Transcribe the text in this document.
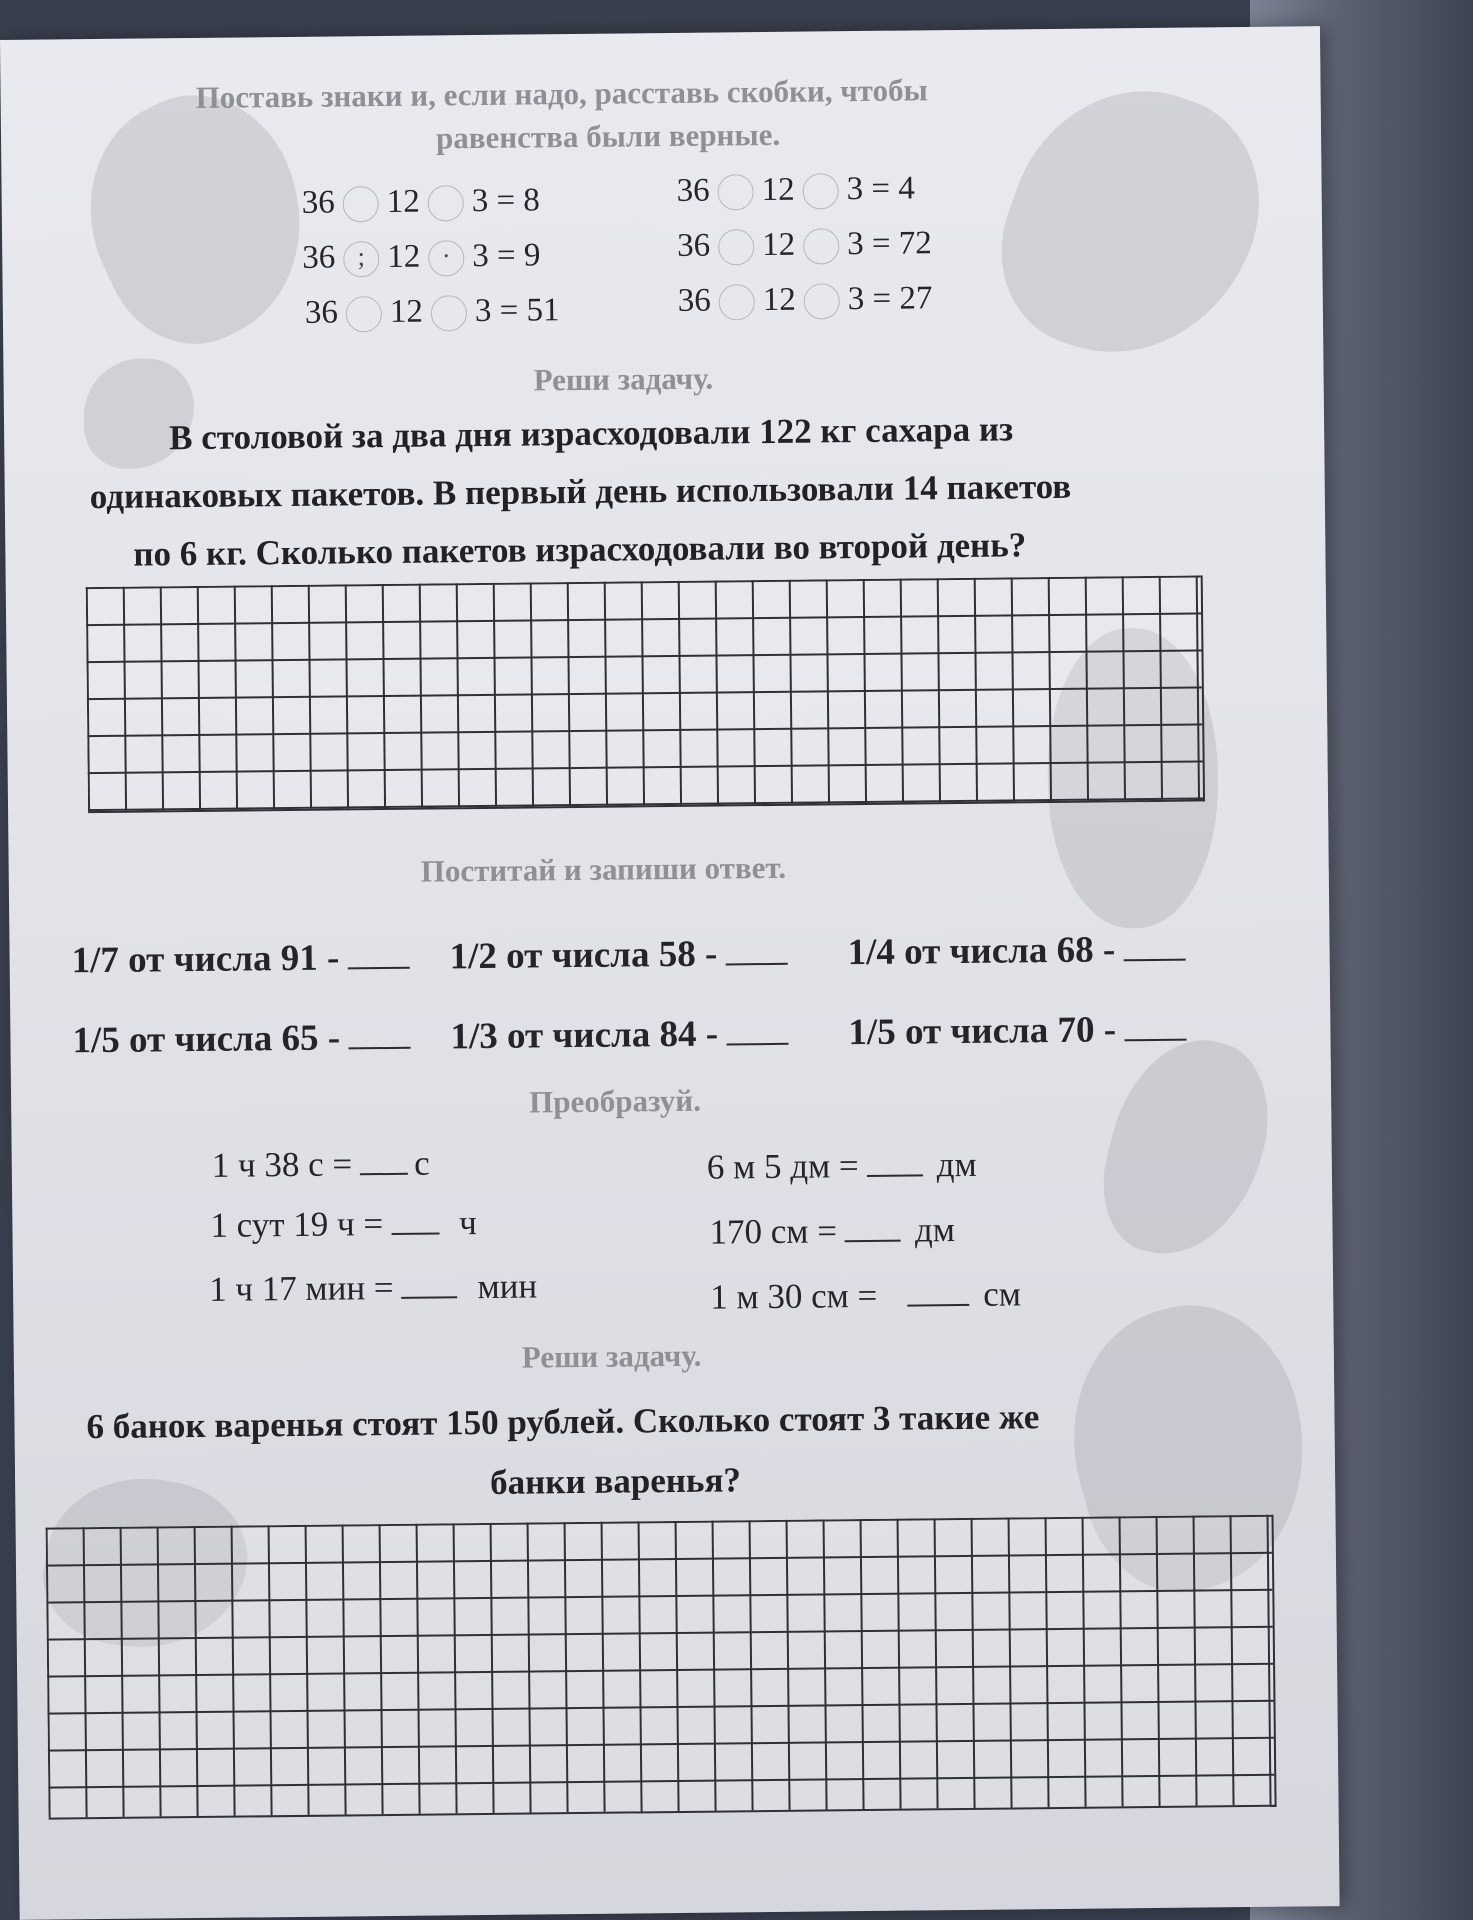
Поставь знаки и, если надо, расставь скобки, чтобы
равенства были верные.
36 12 3 = 8
36 ; 12 · 3 = 9
36 12 3 = 51
36 12 3 = 4
36 12 3 = 72
36 12 3 = 27
Реши задачу.
В столовой за два дня израсходовали 122 кг сахара из
одинаковых пакетов. В первый день использовали 14 пакетов
по 6 кг. Сколько пакетов израсходовали во второй день?
Поститай и запиши ответ.
1/7 от числа 91 -	1/2 от числа 58 -	1/4 от числа 68 -
1/5 от числа 65 -	1/3 от числа 84 -	1/5 от числа 70 -
Преобразуй.
1 ч 38 с = с
1 сут 19 ч = ч
1 ч 17 мин = мин
6 м 5 дм = дм
170 см = дм
1 м 30 см =	см
Реши задачу.
6 банок варенья стоят 150 рублей. Сколько стоят 3 такие же
банки варенья?
